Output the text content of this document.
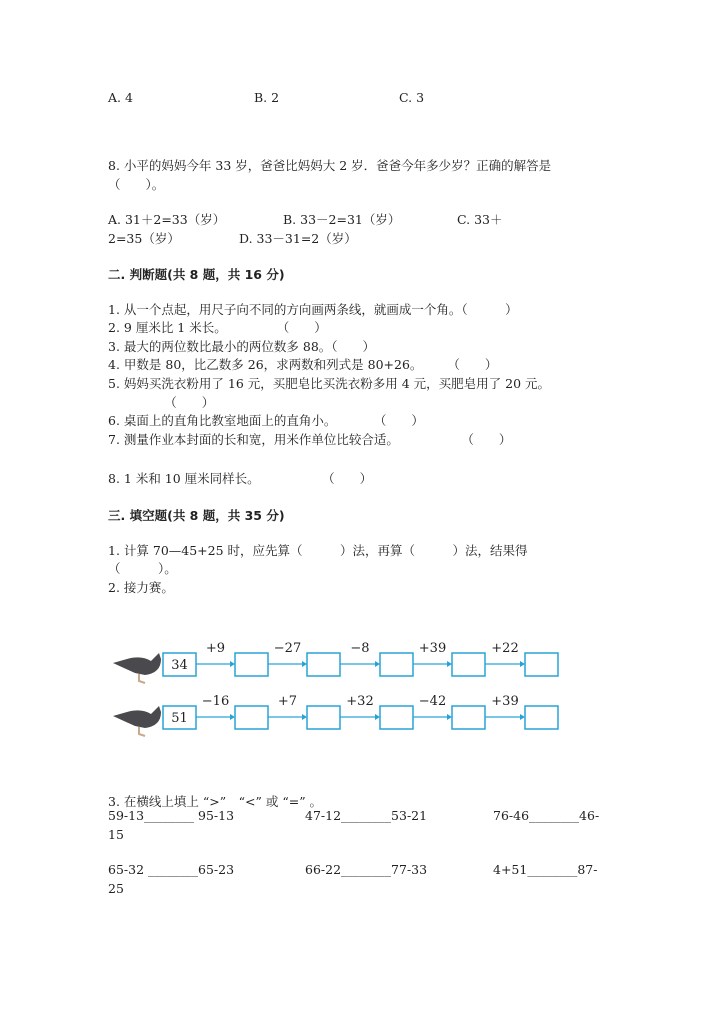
A. 4	B. 2	C. 3
8. 小平的妈妈今年 33 岁，爸爸比妈妈大 2 岁．爸爸今年多少岁？正确的解答是
（　　）。
A. 31＋2=33（岁）	B. 33－2=31（岁）	C. 33＋
2=35（岁）	D. 33－31=2（岁）
二. 判断题(共 8 题，共 16 分)
1. 从一个点起，用尺子向不同的方向画两条线，就画成一个角。（　　　）
2. 9 厘米比 1 米长。　　　　　（　　）
3. 最大的两位数比最小的两位数多 88。（　　）
4. 甲数是 80，比乙数多 26，求两数和列式是 80+26。　　　（　　）
5. 妈妈买洗衣粉用了 16 元，买肥皂比买洗衣粉多用 4 元，买肥皂用了 20 元。
　　　　　（　　）
6. 桌面上的直角比教室地面上的直角小。　　　　（　　）
7. 测量作业本封面的长和宽，用米作单位比较合适。　　　　　　（　　）
8. 1 米和 10 厘米同样长。　　　　　　（　　）
三. 填空题(共 8 题，共 35 分)
1. 计算 70—45+25 时，应先算（　　　）法，再算（　　　）法，结果得
（　　　）。
2. 接力赛。
+9	−27	−8	+39	+22
34
−16	+7	+32	−42	+39
51
3. 在横线上填上 “>”　“<” 或 “=” 。
59-13________ 95-13	47-12________53-21	76-46________46-
15
65-32 ________65-23	66-22________77-33	4+51________87-
25
